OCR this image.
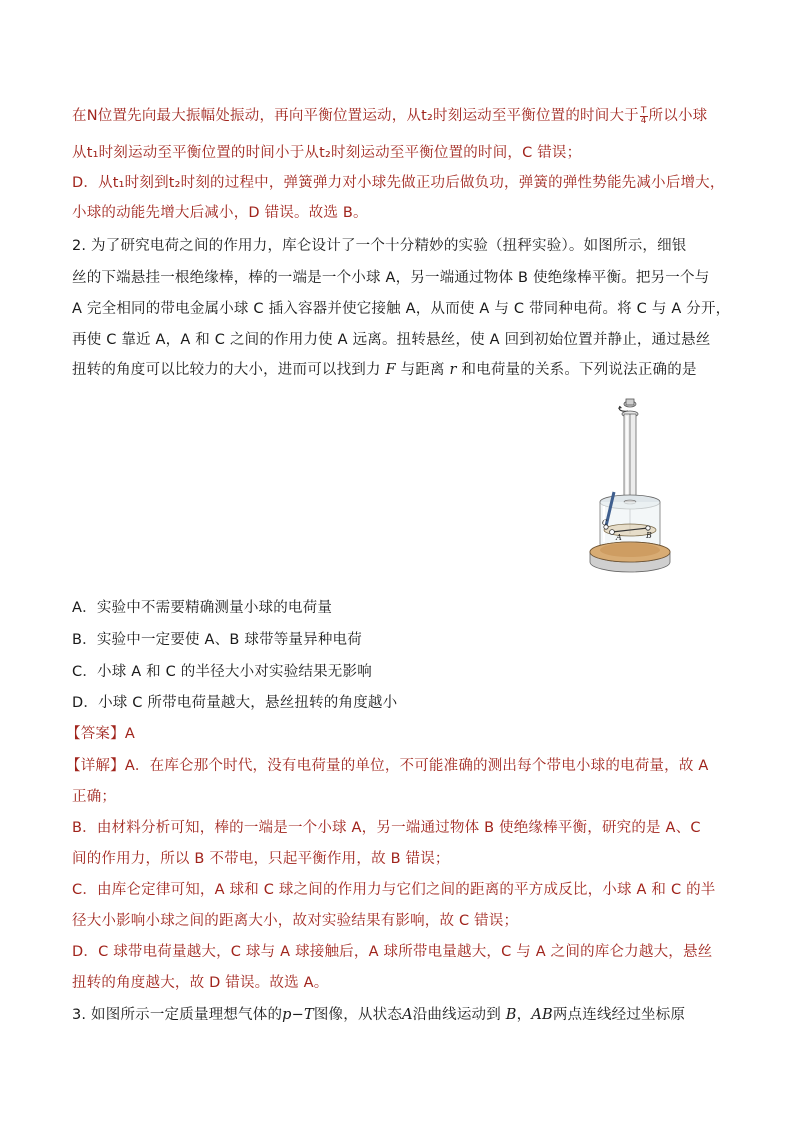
在N位置先向最大振幅处振动，再向平衡位置运动，从t₂时刻运动至平衡位置的时间大于 $\frac{T}{4}$ 所以小球
从t₁时刻运动至平衡位置的时间小于从t₂时刻运动至平衡位置的时间，C 错误；
D．从t₁时刻到t₂时刻的过程中，弹簧弹力对小球先做正功后做负功，弹簧的弹性势能先减小后增大，
小球的动能先增大后减小，D 错误。故选 B。
2. 为了研究电荷之间的作用力，库仑设计了一个十分精妙的实验（扭秤实验）。如图所示，细银
丝的下端悬挂一根绝缘棒，棒的一端是一个小球 A，另一端通过物体 B 使绝缘棒平衡。把另一个与
A 完全相同的带电金属小球 C 插入容器并使它接触 A，从而使 A 与 C 带同种电荷。将 C 与 A 分开，
再使 C 靠近 A，A 和 C 之间的作用力使 A 远离。扭转悬丝，使 A 回到初始位置并静止，通过悬丝
扭转的角度可以比较力的大小，进而可以找到力 F 与距离 r 和电荷量的关系。下列说法正确的是
A	B
C
A．实验中不需要精确测量小球的电荷量
B．实验中一定要使 A、B 球带等量异种电荷
C．小球 A 和 C 的半径大小对实验结果无影响
D．小球 C 所带电荷量越大，悬丝扭转的角度越小
【答案】A
【详解】A．在库仑那个时代，没有电荷量的单位，不可能准确的测出每个带电小球的电荷量，故 A
正确；
B．由材料分析可知，棒的一端是一个小球 A，另一端通过物体 B 使绝缘棒平衡，研究的是 A、C
间的作用力，所以 B 不带电，只起平衡作用，故 B 错误；
C．由库仑定律可知，A 球和 C 球之间的作用力与它们之间的距离的平方成反比，小球 A 和 C 的半
径大小影响小球之间的距离大小，故对实验结果有影响，故 C 错误；
D．C 球带电荷量越大，C 球与 A 球接触后，A 球所带电量越大，C 与 A 之间的库仑力越大，悬丝
扭转的角度越大，故 D 错误。故选 A。
3. 如图所示一定质量理想气体的p−T图像，从状态A沿曲线运动到 B，AB两点连线经过坐标原
